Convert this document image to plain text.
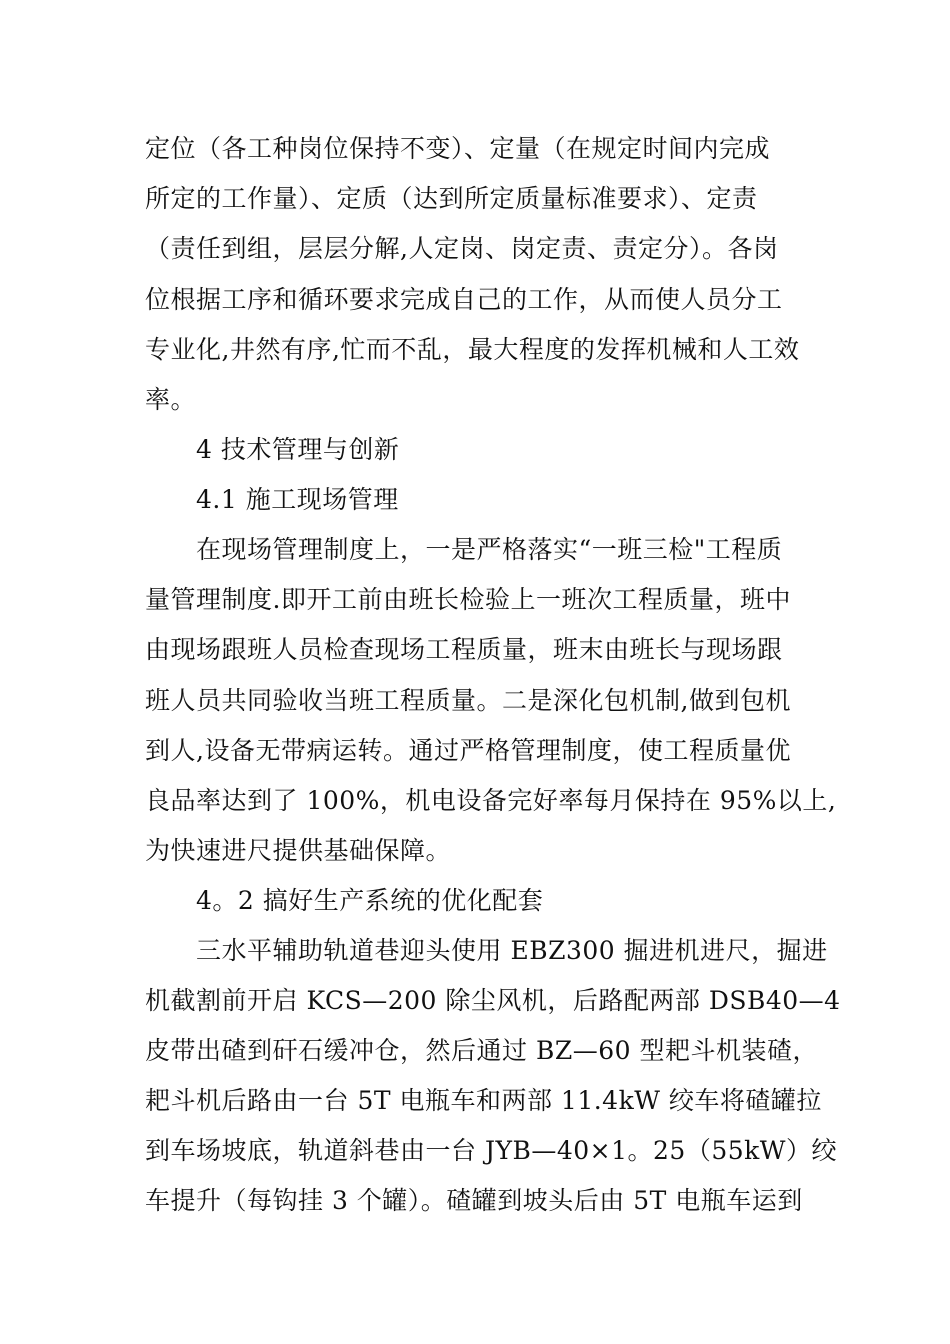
定位（各工种岗位保持不变）、定量（在规定时间内完成
所定的工作量）、定质（达到所定质量标准要求）、定责
（责任到组，层层分解,人定岗、岗定责、责定分）。各岗
位根据工序和循环要求完成自己的工作，从而使人员分工
专业化,井然有序,忙而不乱，最大程度的发挥机械和人工效
率。
4 技术管理与创新
4.1 施工现场管理
在现场管理制度上，一是严格落实“一班三检"工程质
量管理制度.即开工前由班长检验上一班次工程质量，班中
由现场跟班人员检查现场工程质量，班末由班长与现场跟
班人员共同验收当班工程质量。二是深化包机制,做到包机
到人,设备无带病运转。通过严格管理制度，使工程质量优
良品率达到了 100%，机电设备完好率每月保持在 95%以上,
为快速进尺提供基础保障。
4。2 搞好生产系统的优化配套
三水平辅助轨道巷迎头使用 EBZ300 掘进机进尺，掘进
机截割前开启 KCS—200 除尘风机，后路配两部 DSB40—4
皮带出碴到矸石缓冲仓，然后通过 BZ—60 型耙斗机装碴，
耙斗机后路由一台 5T 电瓶车和两部 11.4kW 绞车将碴罐拉
到车场坡底，轨道斜巷由一台 JYB—40×1。25（55kW）绞
车提升（每钩挂 3 个罐）。碴罐到坡头后由 5T 电瓶车运到
